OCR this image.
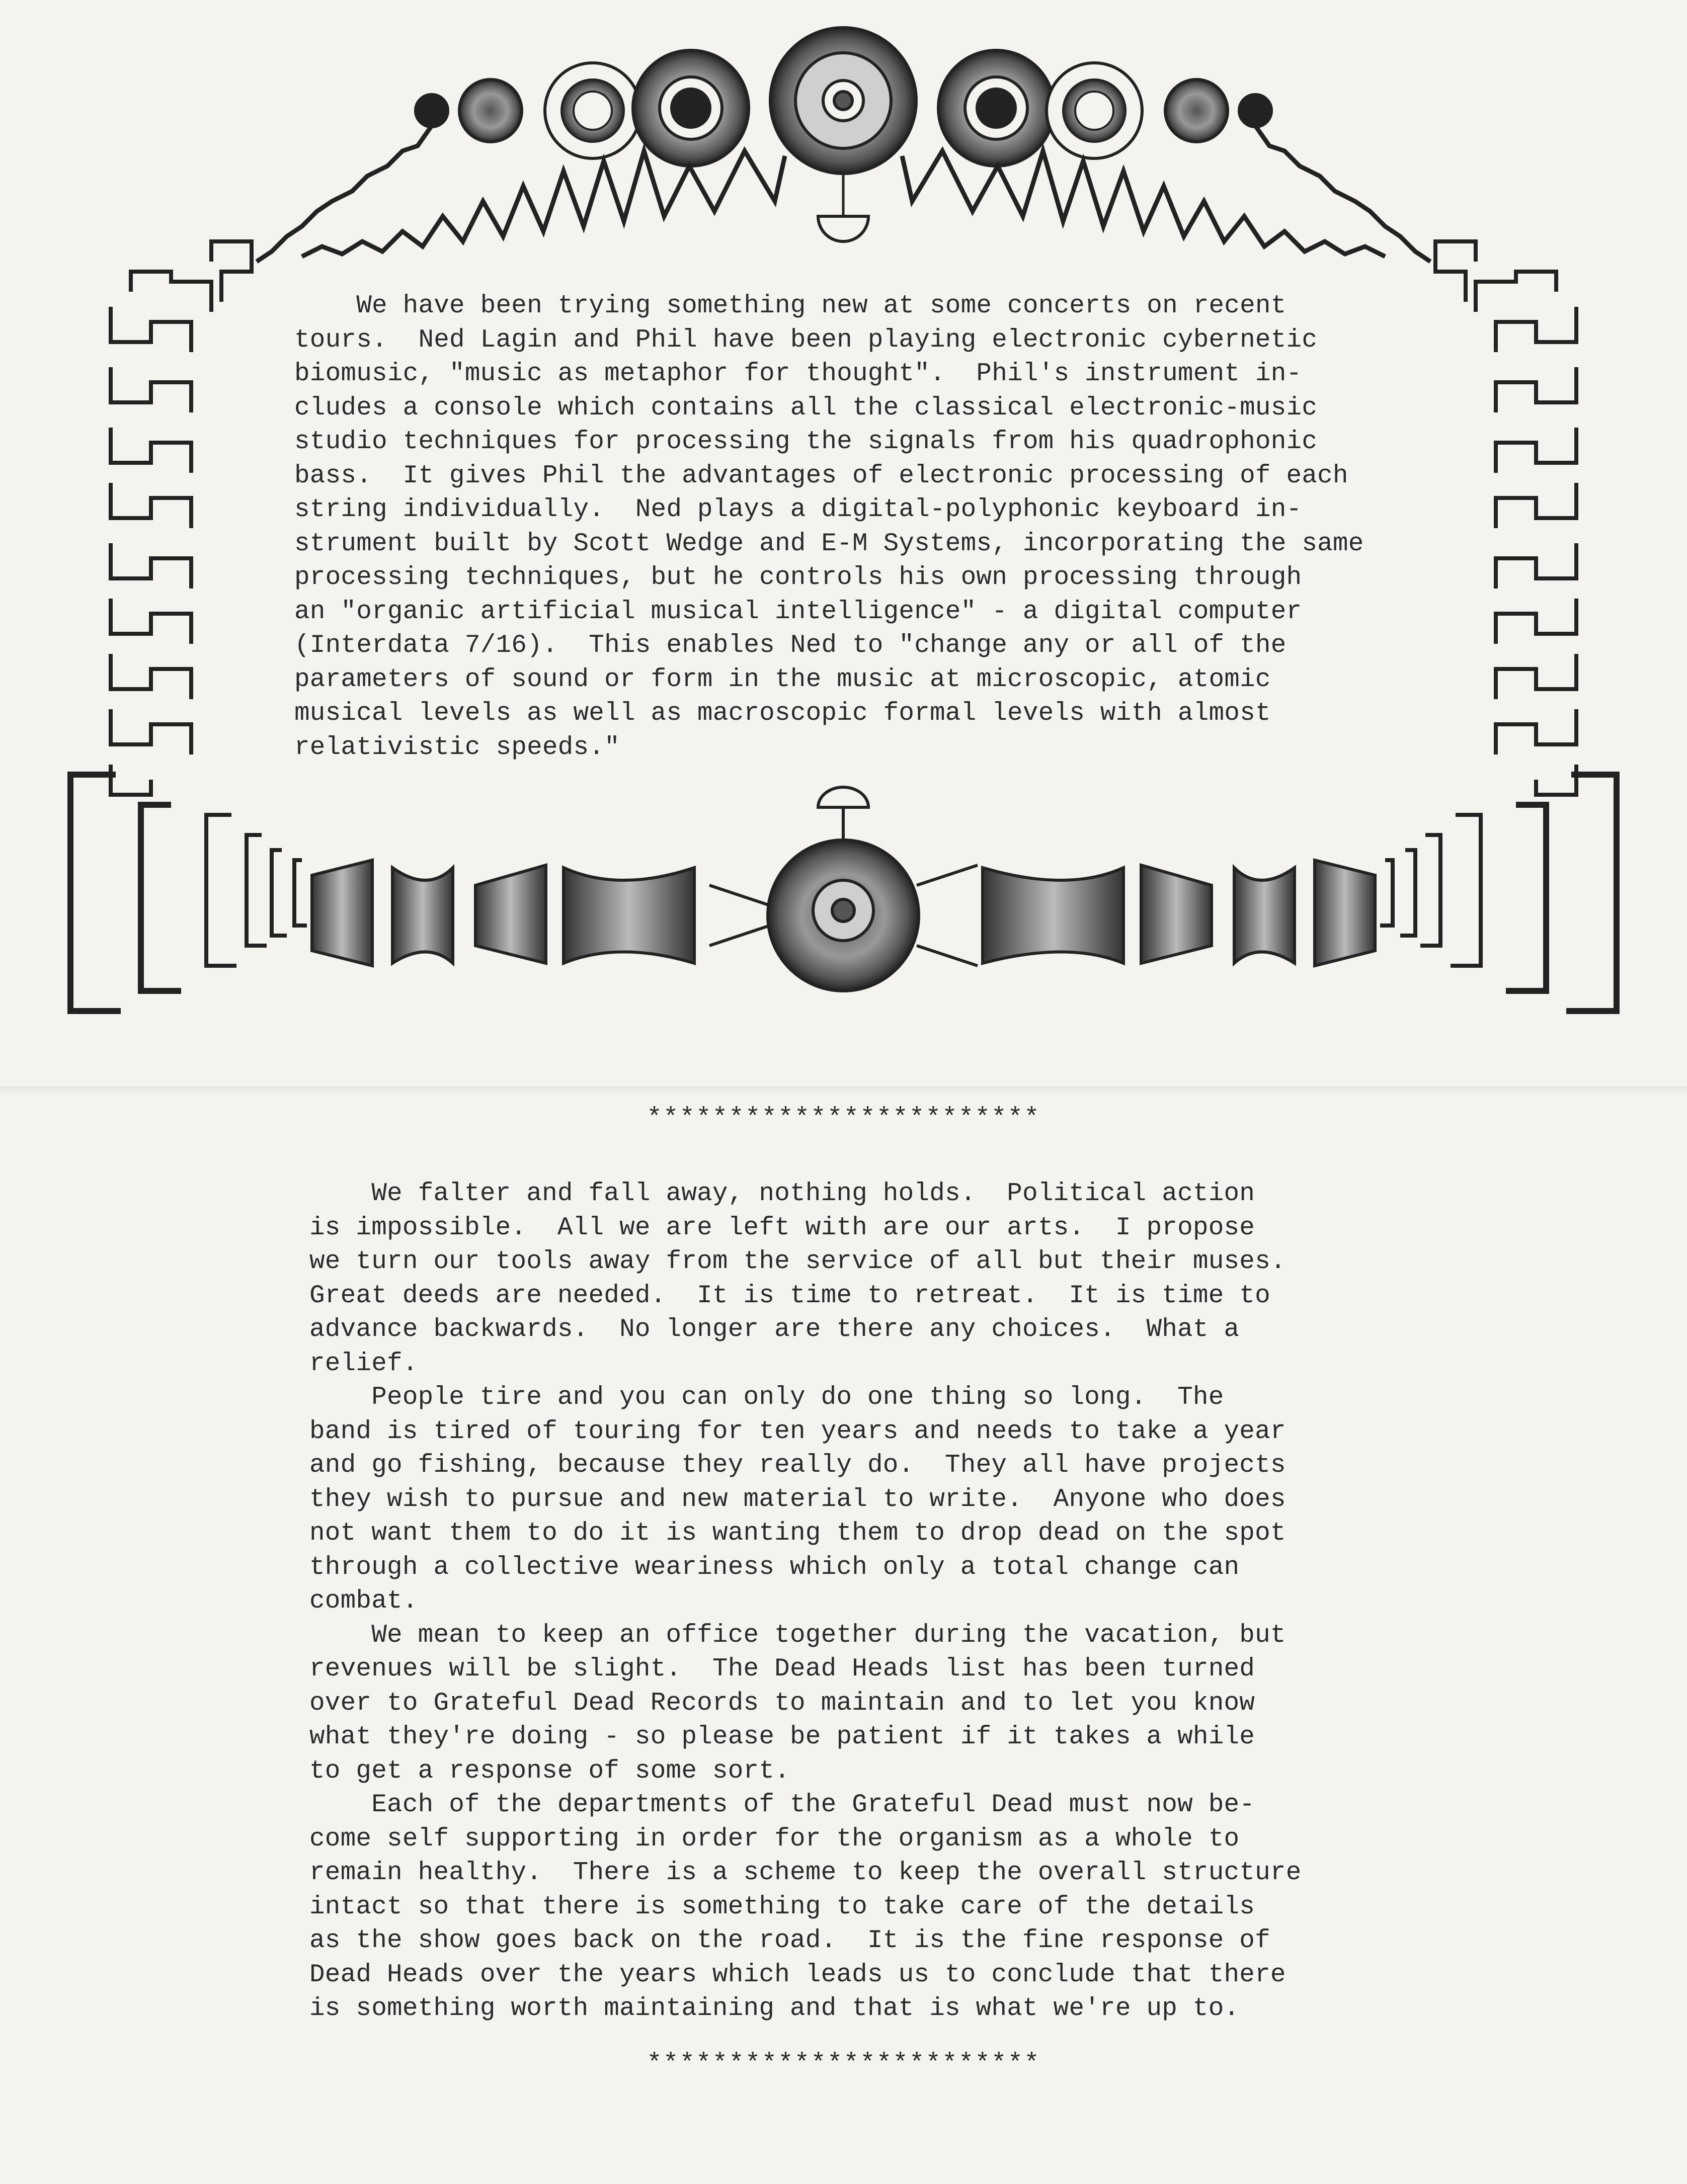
We have been trying something new at some concerts on recent
tours.  Ned Lagin and Phil have been playing electronic cybernetic
biomusic, "music as metaphor for thought".  Phil's instrument in-
cludes a console which contains all the classical electronic-music
studio techniques for processing the signals from his quadrophonic
bass.  It gives Phil the advantages of electronic processing of each
string individually.  Ned plays a digital-polyphonic keyboard in-
strument built by Scott Wedge and E-M Systems, incorporating the same
processing techniques, but he controls his own processing through
an "organic artificial musical intelligence" - a digital computer
(Interdata 7/16).  This enables Ned to "change any or all of the
parameters of sound or form in the music at microscopic, atomic
musical levels as well as macroscopic formal levels with almost
relativistic speeds."
************************
We falter and fall away, nothing holds.  Political action
is impossible.  All we are left with are our arts.  I propose
we turn our tools away from the service of all but their muses.
Great deeds are needed.  It is time to retreat.  It is time to
advance backwards.  No longer are there any choices.  What a
relief.
People tire and you can only do one thing so long.  The
band is tired of touring for ten years and needs to take a year
and go fishing, because they really do.  They all have projects
they wish to pursue and new material to write.  Anyone who does
not want them to do it is wanting them to drop dead on the spot
through a collective weariness which only a total change can
combat.
We mean to keep an office together during the vacation, but
revenues will be slight.  The Dead Heads list has been turned
over to Grateful Dead Records to maintain and to let you know
what they're doing - so please be patient if it takes a while
to get a response of some sort.
Each of the departments of the Grateful Dead must now be-
come self supporting in order for the organism as a whole to
remain healthy.  There is a scheme to keep the overall structure
intact so that there is something to take care of the details
as the show goes back on the road.  It is the fine response of
Dead Heads over the years which leads us to conclude that there
is something worth maintaining and that is what we're up to.
************************
